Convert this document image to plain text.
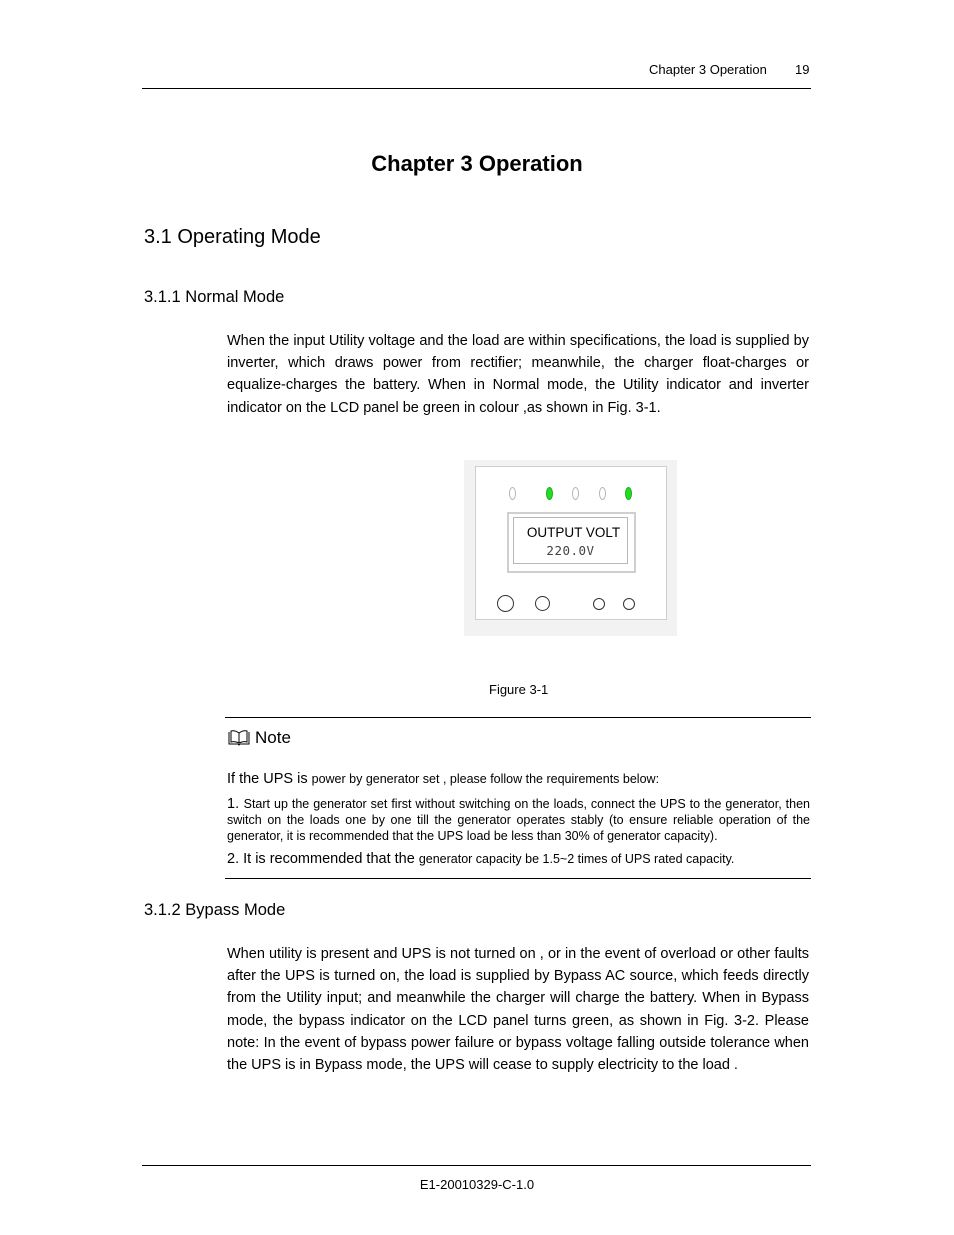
Chapter 3 Operation 19
Chapter 3 Operation
3.1 Operating Mode
3.1.1 Normal Mode
When the input Utility voltage and the load are within specifications, the load is supplied by inverter, which draws power from rectifier; meanwhile, the charger float-charges or equalize-charges the battery. When in Normal mode, the Utility indicator and inverter indicator on the LCD panel be green in colour ,as shown in Fig. 3-1.
OUTPUT VOLT
220.0V
Figure 3-1
Note
If the UPS is power by generator set , please follow the requirements below:
1. Start up the generator set first without switching on the loads, connect the UPS to the generator, then switch on the loads one by one till the generator operates stably (to ensure reliable operation of the generator, it is recommended that the UPS load be less than 30% of generator capacity).
2. It is recommended that the generator capacity be 1.5~2 times of UPS rated capacity.
3.1.2 Bypass Mode
When utility is present and UPS is not turned on , or in the event of overload or other faults after the UPS is turned on, the load is supplied by Bypass AC source, which feeds directly from the Utility input; and meanwhile the charger will charge the battery. When in Bypass mode, the bypass indicator on the LCD panel turns green, as shown in Fig. 3-2. Please note: In the event of bypass power failure or bypass voltage falling outside tolerance when the UPS is in Bypass mode, the UPS will cease to supply electricity to the load .
E1-20010329-C-1.0
